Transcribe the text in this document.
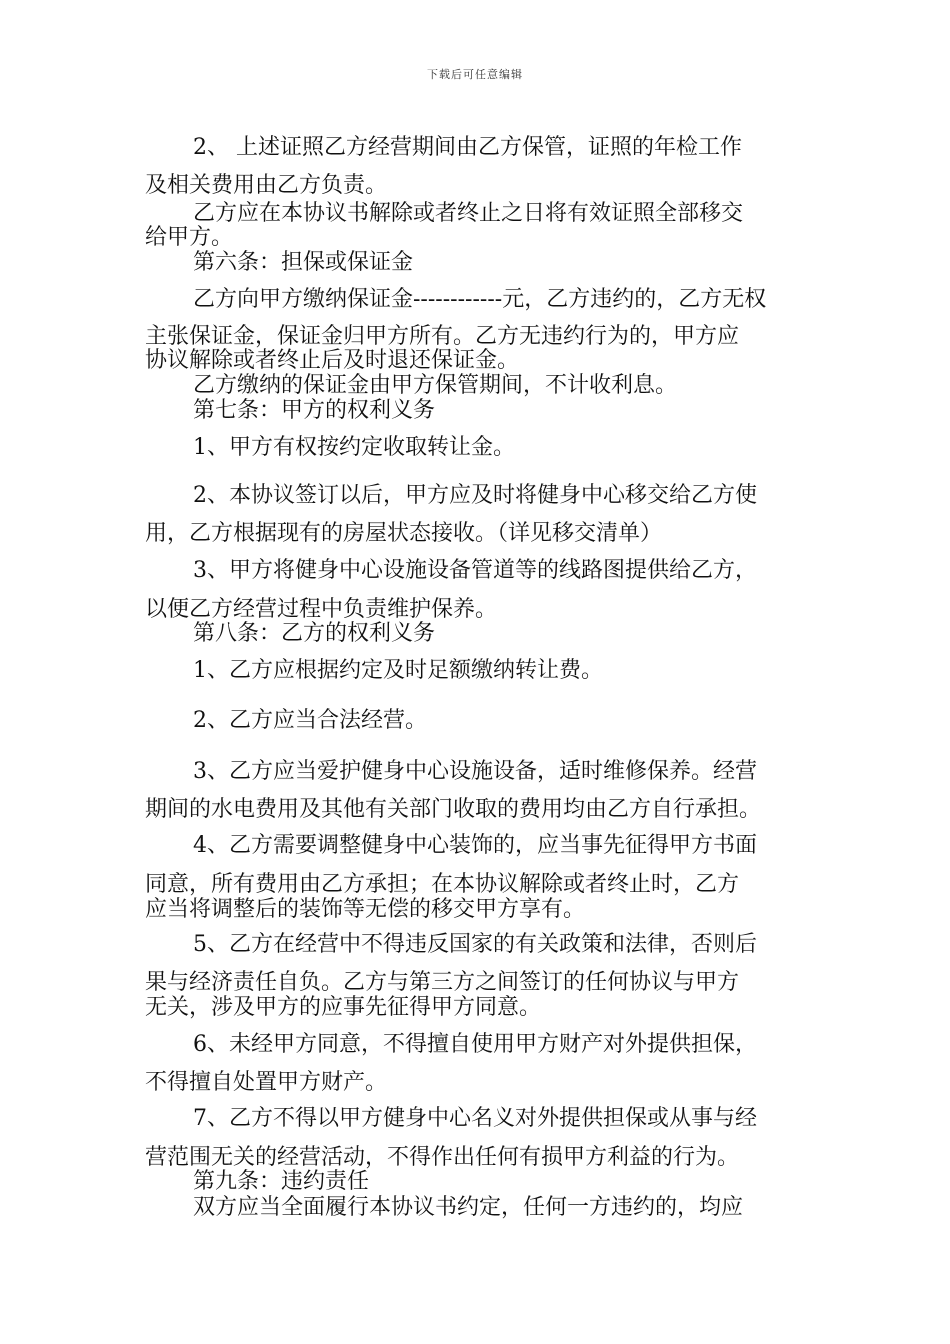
下载后可任意编辑
2、 上述证照乙方经营期间由乙方保管，证照的年检工作
及相关费用由乙方负责。
乙方应在本协议书解除或者终止之日将有效证照全部移交
给甲方。
第六条：担保或保证金
乙方向甲方缴纳保证金------------元，乙方违约的，乙方无权
主张保证金，保证金归甲方所有。乙方无违约行为的，甲方应
协议解除或者终止后及时退还保证金。
乙方缴纳的保证金由甲方保管期间，不计收利息。
第七条：甲方的权利义务
1、甲方有权按约定收取转让金。
2、本协议签订以后，甲方应及时将健身中心移交给乙方使
用，乙方根据现有的房屋状态接收。（详见移交清单）
3、甲方将健身中心设施设备管道等的线路图提供给乙方，
以便乙方经营过程中负责维护保养。
第八条：乙方的权利义务
1、乙方应根据约定及时足额缴纳转让费。
2、乙方应当合法经营。
3、乙方应当爱护健身中心设施设备，适时维修保养。经营
期间的水电费用及其他有关部门收取的费用均由乙方自行承担。
4、乙方需要调整健身中心装饰的，应当事先征得甲方书面
同意，所有费用由乙方承担；在本协议解除或者终止时，乙方
应当将调整后的装饰等无偿的移交甲方享有。
5、乙方在经营中不得违反国家的有关政策和法律，否则后
果与经济责任自负。乙方与第三方之间签订的任何协议与甲方
无关，涉及甲方的应事先征得甲方同意。
6、未经甲方同意，不得擅自使用甲方财产对外提供担保，
不得擅自处置甲方财产。
7、乙方不得以甲方健身中心名义对外提供担保或从事与经
营范围无关的经营活动，不得作出任何有损甲方利益的行为。
第九条：违约责任
双方应当全面履行本协议书约定，任何一方违约的，均应
